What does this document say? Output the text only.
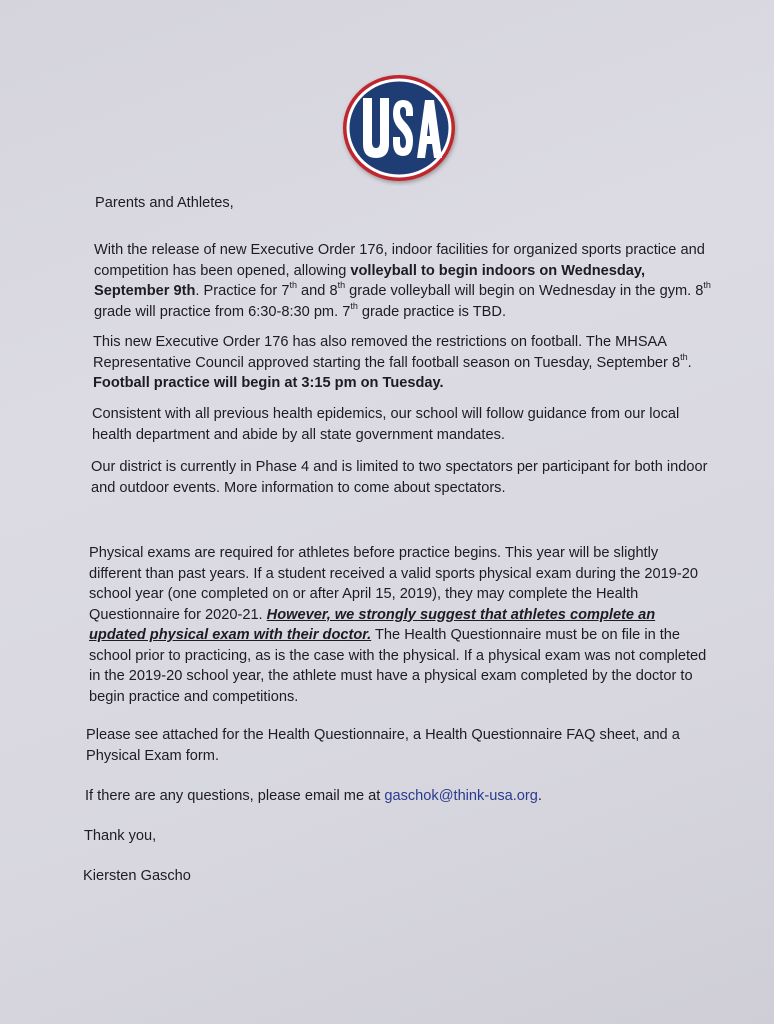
Parents and Athletes,
With the release of new Executive Order 176, indoor facilities for organized sports practice and
competition has been opened, allowing volleyball to begin indoors on Wednesday,
September 9th. Practice for 7th and 8th grade volleyball will begin on Wednesday in the gym. 8th
grade will practice from 6:30-8:30 pm. 7th grade practice is TBD.
This new Executive Order 176 has also removed the restrictions on football. The MHSAA
Representative Council approved starting the fall football season on Tuesday, September 8th.
Football practice will begin at 3:15 pm on Tuesday.
Consistent with all previous health epidemics, our school will follow guidance from our local
health department and abide by all state government mandates.
Our district is currently in Phase 4 and is limited to two spectators per participant for both indoor
and outdoor events. More information to come about spectators.
Physical exams are required for athletes before practice begins. This year will be slightly
different than past years. If a student received a valid sports physical exam during the 2019-20
school year (one completed on or after April 15, 2019), they may complete the Health
Questionnaire for 2020-21. However, we strongly suggest that athletes complete an
updated physical exam with their doctor. The Health Questionnaire must be on file in the
school prior to practicing, as is the case with the physical. If a physical exam was not completed
in the 2019-20 school year, the athlete must have a physical exam completed by the doctor to
begin practice and competitions.
Please see attached for the Health Questionnaire, a Health Questionnaire FAQ sheet, and a
Physical Exam form.
If there are any questions, please email me at gaschok@think-usa.org.
Thank you,
Kiersten Gascho
